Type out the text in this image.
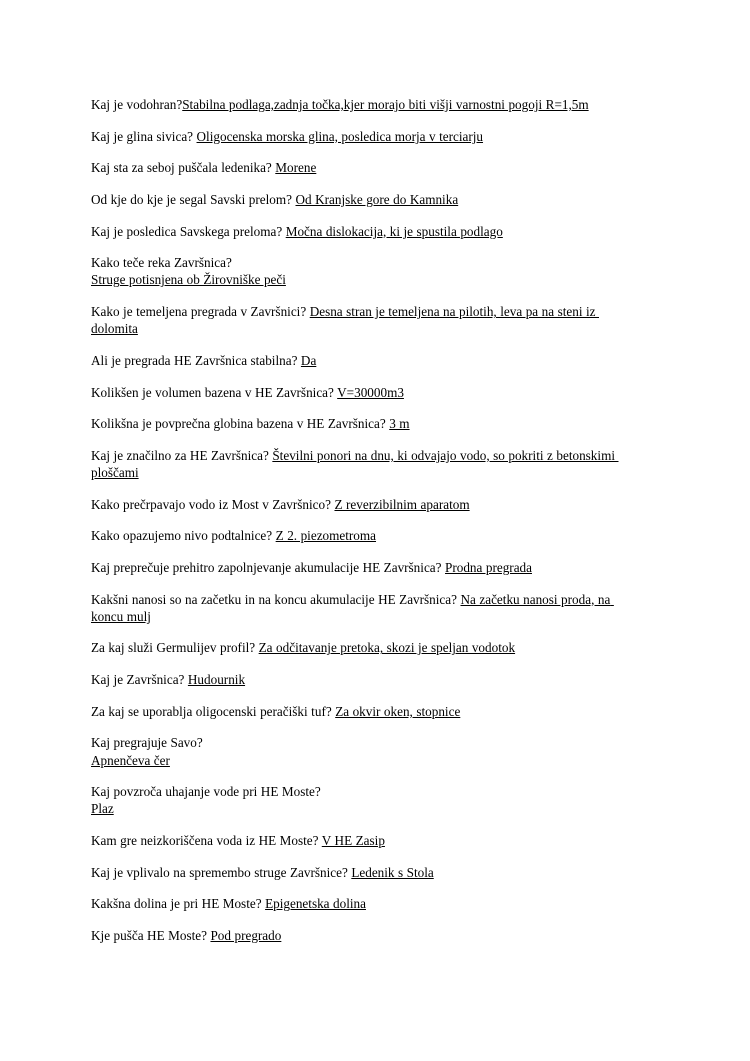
Kaj je vodohran?Stabilna podlaga,zadnja točka,kjer morajo biti višji varnostni pogoji R=1,5m

Kaj je glina sivica? Oligocenska morska glina, posledica morja v terciarju

Kaj sta za seboj puščala ledenika? Morene

Od kje do kje je segal Savski prelom? Od Kranjske gore do Kamnika

Kaj je posledica Savskega preloma? Močna dislokacija, ki je spustila podlago

Kako teče reka Završnica?
Struge potisnjena ob Žirovniške peči

Kako je temeljena pregrada v Završnici? Desna stran je temeljena na pilotih, leva pa na steni iz dolomita

Ali je pregrada HE Završnica stabilna? Da

Kolikšen je volumen bazena v HE Završnica? V=30000m3

Kolikšna je povprečna globina bazena v HE Završnica? 3 m

Kaj je značilno za HE Završnica? Številni ponori na dnu, ki odvajajo vodo, so pokriti z betonskimi ploščami

Kako prečrpavajo vodo iz Most v Završnico? Z reverzibilnim aparatom

Kako opazujemo nivo podtalnice? Z 2. piezometroma

Kaj preprečuje prehitro zapolnjevanje akumulacije HE Završnica? Prodna pregrada

Kakšni nanosi so na začetku in na koncu akumulacije HE Završnica? Na začetku nanosi proda, na koncu mulj

Za kaj služi Germulijev profil? Za odčitavanje pretoka, skozi je speljan vodotok

Kaj je Završnica? Hudournik

Za kaj se uporablja oligocenski peračiški tuf? Za okvir oken, stopnice

Kaj pregrajuje Savo?
Apnenčeva čer

Kaj povzroča uhajanje vode pri HE Moste?
Plaz

Kam gre neizkoriščena voda iz HE Moste? V HE Zasip

Kaj je vplivalo na spremembo struge Završnice? Ledenik s Stola

Kakšna dolina je pri HE Moste? Epigenetska dolina

Kje pušča HE Moste? Pod pregrado
